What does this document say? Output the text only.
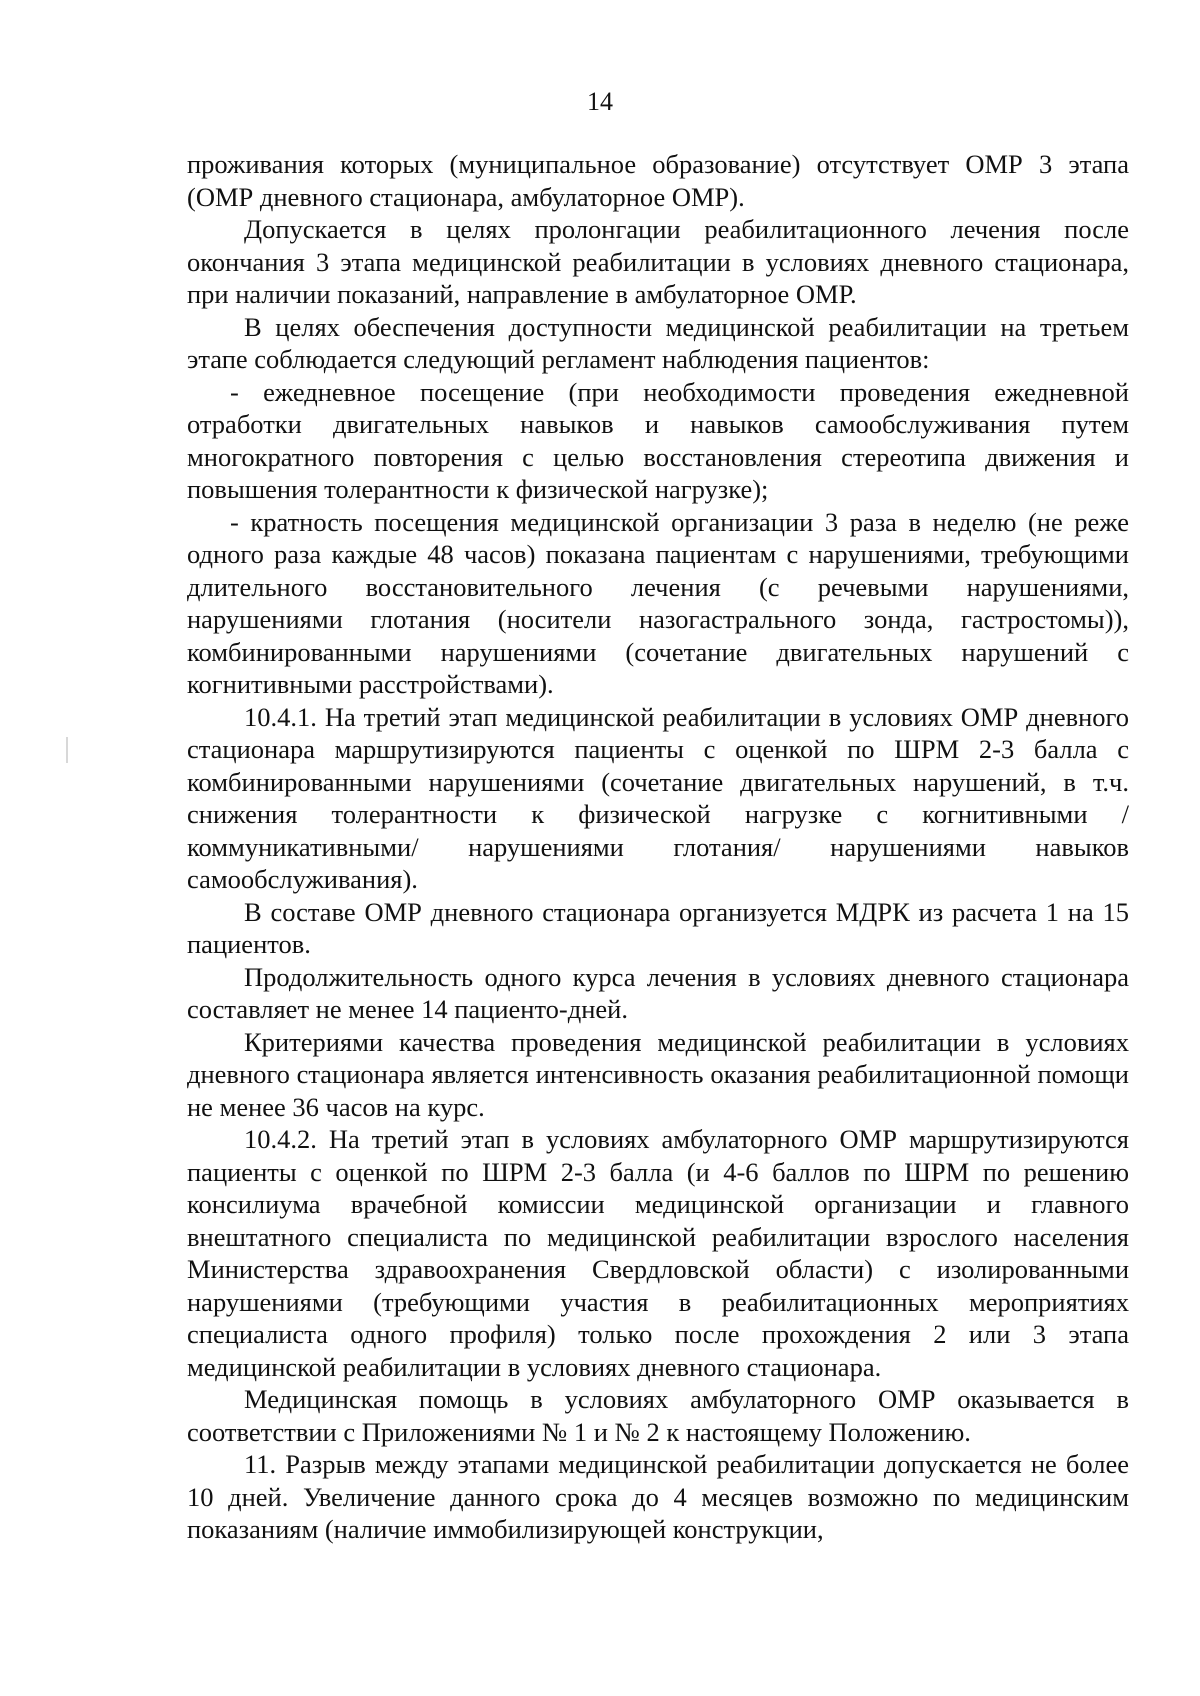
14

проживания которых (муниципальное образование) отсутствует ОМР 3 этапа (ОМР дневного стационара, амбулаторное ОМР).

Допускается в целях пролонгации реабилитационного лечения после окончания 3 этапа медицинской реабилитации в условиях дневного стационара, при наличии показаний, направление в амбулаторное ОМР.

В целях обеспечения доступности медицинской реабилитации на третьем этапе соблюдается следующий регламент наблюдения пациентов:

- ежедневное посещение (при необходимости проведения ежедневной отработки двигательных навыков и навыков самообслуживания путем многократного повторения с целью восстановления стереотипа движения и повышения толерантности к физической нагрузке);

- кратность посещения медицинской организации 3 раза в неделю (не реже одного раза каждые 48 часов) показана пациентам с нарушениями, требующими длительного восстановительного лечения (с речевыми нарушениями, нарушениями глотания (носители назогастрального зонда, гастростомы)), комбинированными нарушениями (сочетание двигательных нарушений с когнитивными расстройствами).

10.4.1. На третий этап медицинской реабилитации в условиях ОМР дневного стационара маршрутизируются пациенты с оценкой по ШРМ 2-3 балла с комбинированными нарушениями (сочетание двигательных нарушений, в т.ч. снижения толерантности к физической нагрузке с когнитивными /коммуникативными/ нарушениями глотания/ нарушениями навыков самообслуживания).

В составе ОМР дневного стационара организуется МДРК из расчета 1 на 15 пациентов.

Продолжительность одного курса лечения в условиях дневного стационара составляет не менее 14 пациенто-дней.

Критериями качества проведения медицинской реабилитации в условиях дневного стационара является интенсивность оказания реабилитационной помощи не менее 36 часов на курс.

10.4.2. На третий этап в условиях амбулаторного ОМР маршрутизируются пациенты с оценкой по ШРМ 2-3 балла (и 4-6 баллов по ШРМ по решению консилиума врачебной комиссии медицинской организации и главного внештатного специалиста по медицинской реабилитации взрослого населения Министерства здравоохранения Свердловской области) с изолированными нарушениями (требующими участия в реабилитационных мероприятиях специалиста одного профиля) только после прохождения 2 или 3 этапа медицинской реабилитации в условиях дневного стационара.

Медицинская помощь в условиях амбулаторного ОМР оказывается в соответствии с Приложениями № 1 и № 2 к настоящему Положению.

11. Разрыв между этапами медицинской реабилитации допускается не более 10 дней. Увеличение данного срока до 4 месяцев возможно по медицинским показаниям (наличие иммобилизирующей конструкции,
